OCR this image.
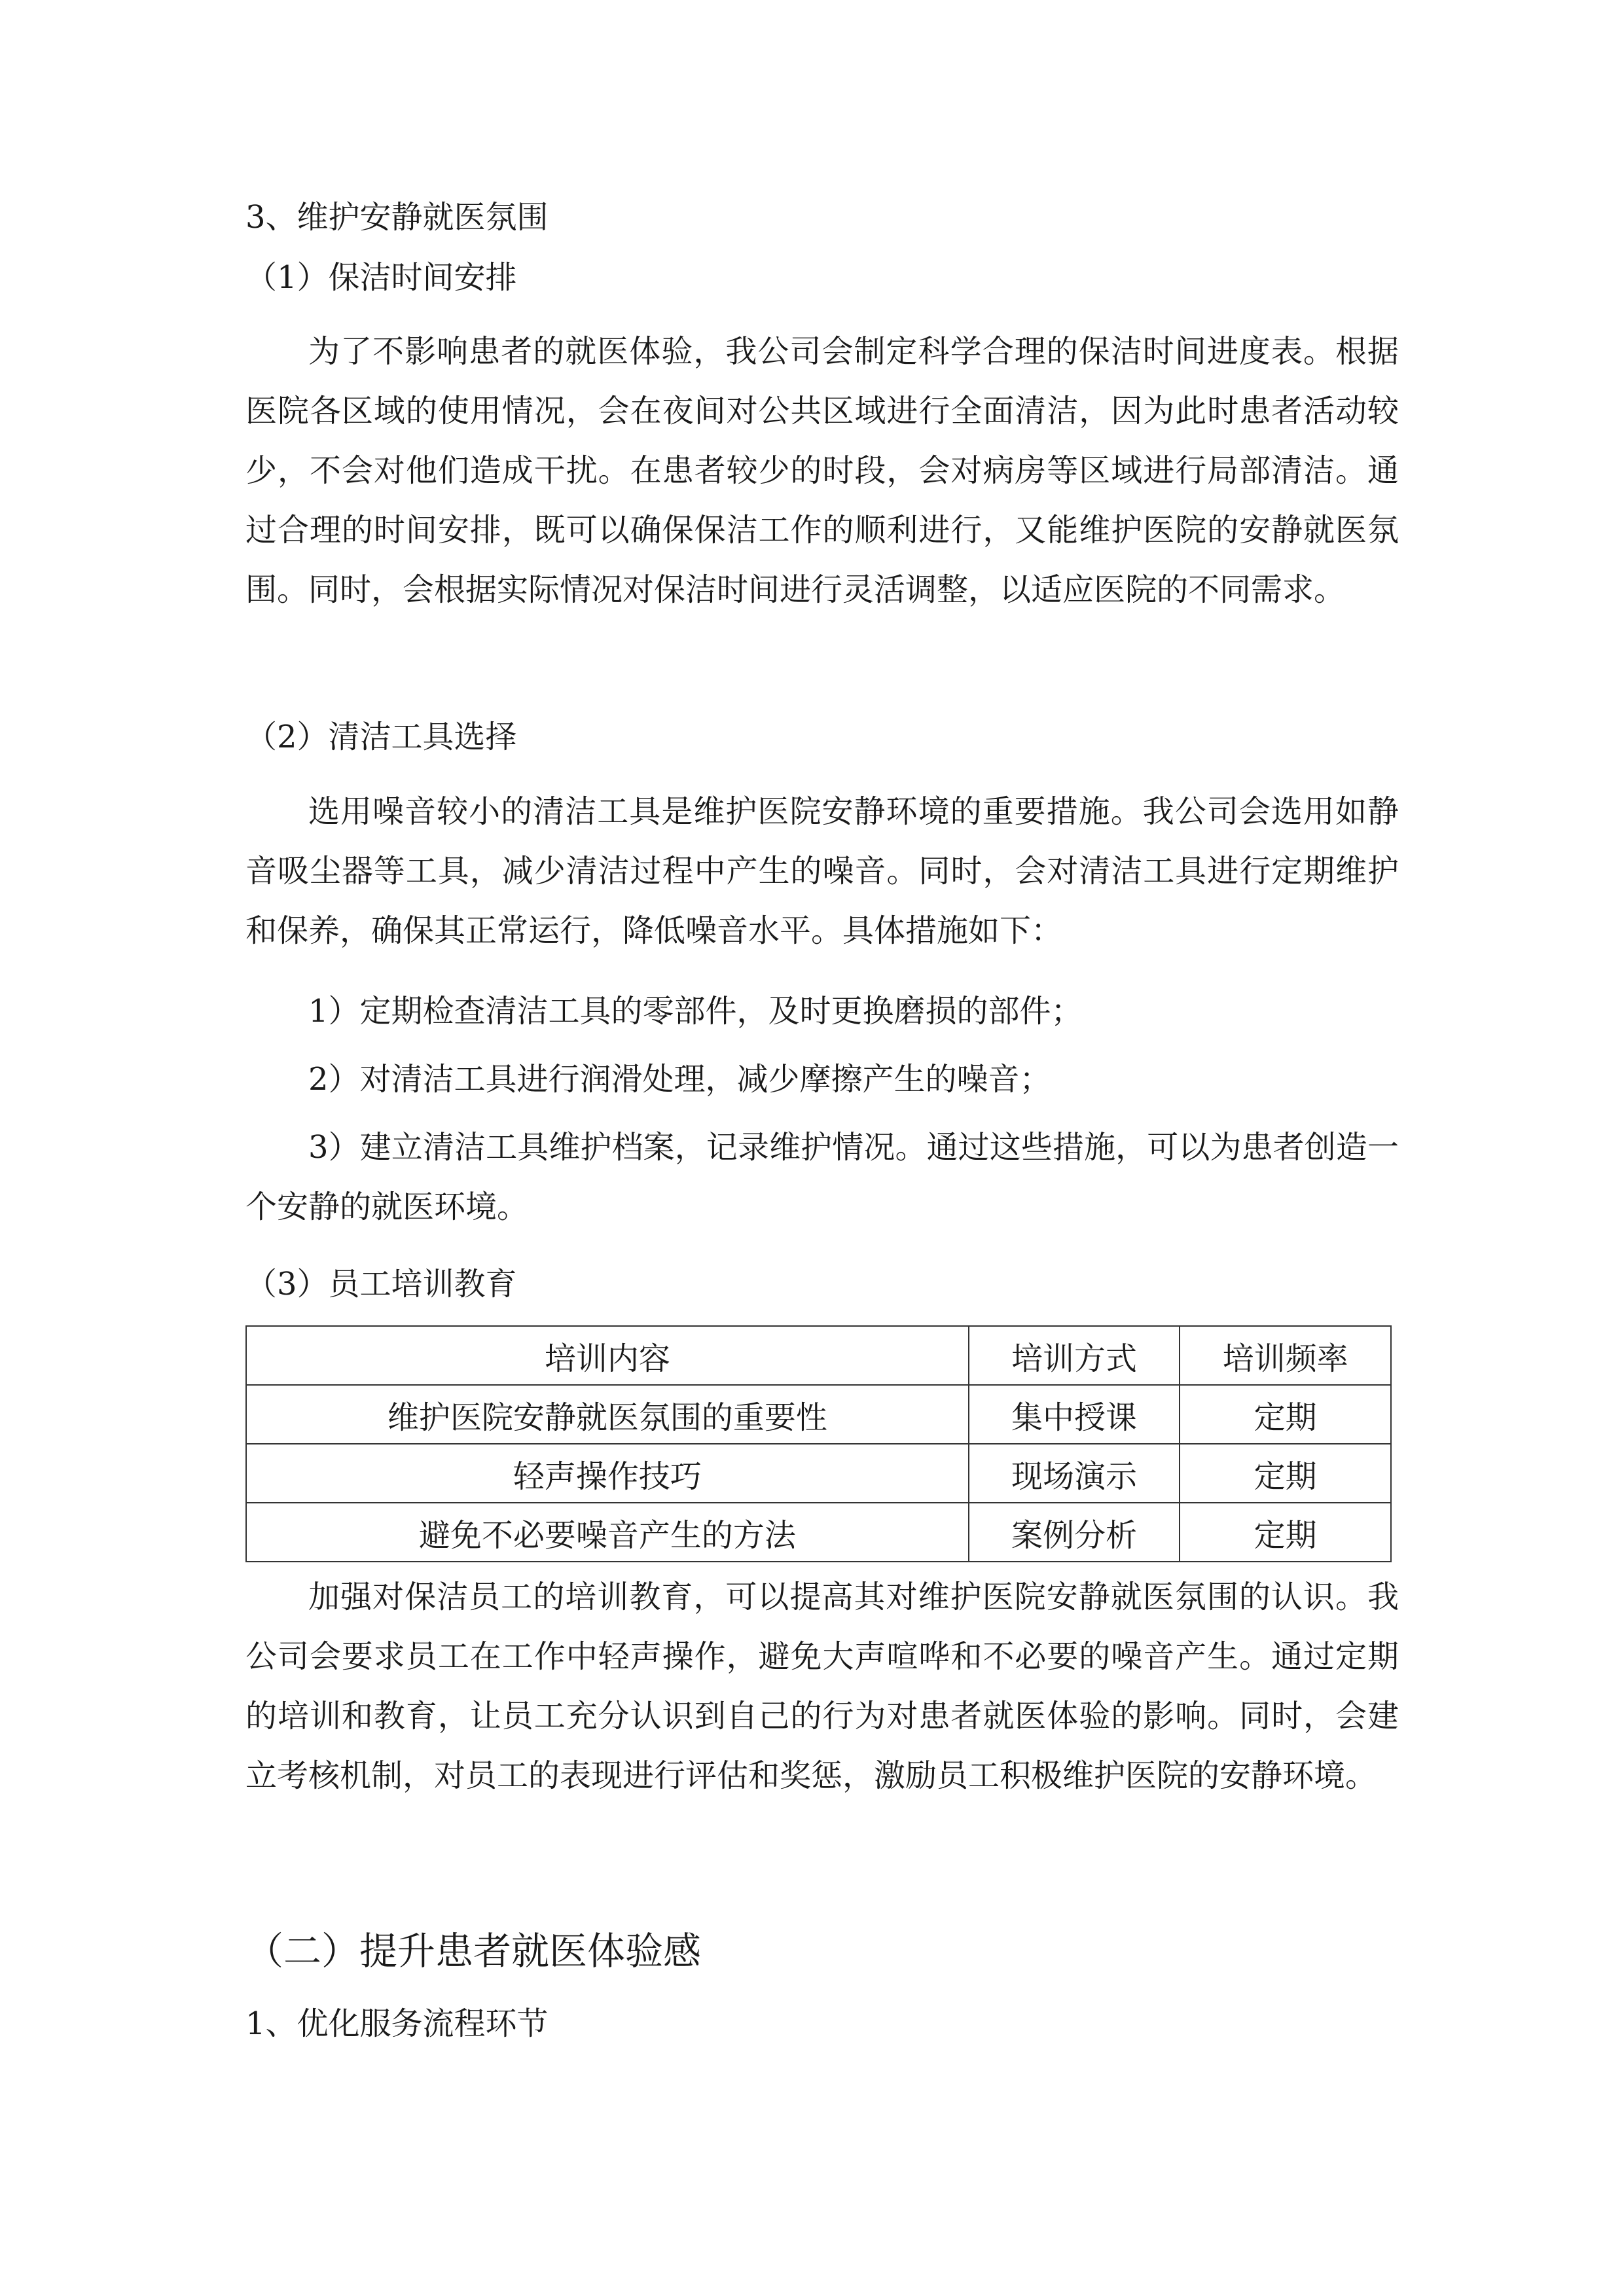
3、维护安静就医氛围
（1）保洁时间安排

为了不影响患者的就医体验，我公司会制定科学合理的保洁时间进度表。根据医院各区域的使用情况，会在夜间对公共区域进行全面清洁，因为此时患者活动较少，不会对他们造成干扰。在患者较少的时段，会对病房等区域进行局部清洁。通过合理的时间安排，既可以确保保洁工作的顺利进行，又能维护医院的安静就医氛围。同时，会根据实际情况对保洁时间进行灵活调整，以适应医院的不同需求。

（2）清洁工具选择

选用噪音较小的清洁工具是维护医院安静环境的重要措施。我公司会选用如静音吸尘器等工具，减少清洁过程中产生的噪音。同时，会对清洁工具进行定期维护和保养，确保其正常运行，降低噪音水平。具体措施如下：

1）定期检查清洁工具的零部件，及时更换磨损的部件；

2）对清洁工具进行润滑处理，减少摩擦产生的噪音；

3）建立清洁工具维护档案，记录维护情况。通过这些措施，可以为患者创造一个安静的就医环境。

（3）员工培训教育
培训内容	培训方式	培训频率
维护医院安静就医氛围的重要性	集中授课	定期
轻声操作技巧	现场演示	定期
避免不必要噪音产生的方法	案例分析	定期

加强对保洁员工的培训教育，可以提高其对维护医院安静就医氛围的认识。我公司会要求员工在工作中轻声操作，避免大声喧哗和不必要的噪音产生。通过定期的培训和教育，让员工充分认识到自己的行为对患者就医体验的影响。同时，会建立考核机制，对员工的表现进行评估和奖惩，激励员工积极维护医院的安静环境。

（二）提升患者就医体验感
1、优化服务流程环节
